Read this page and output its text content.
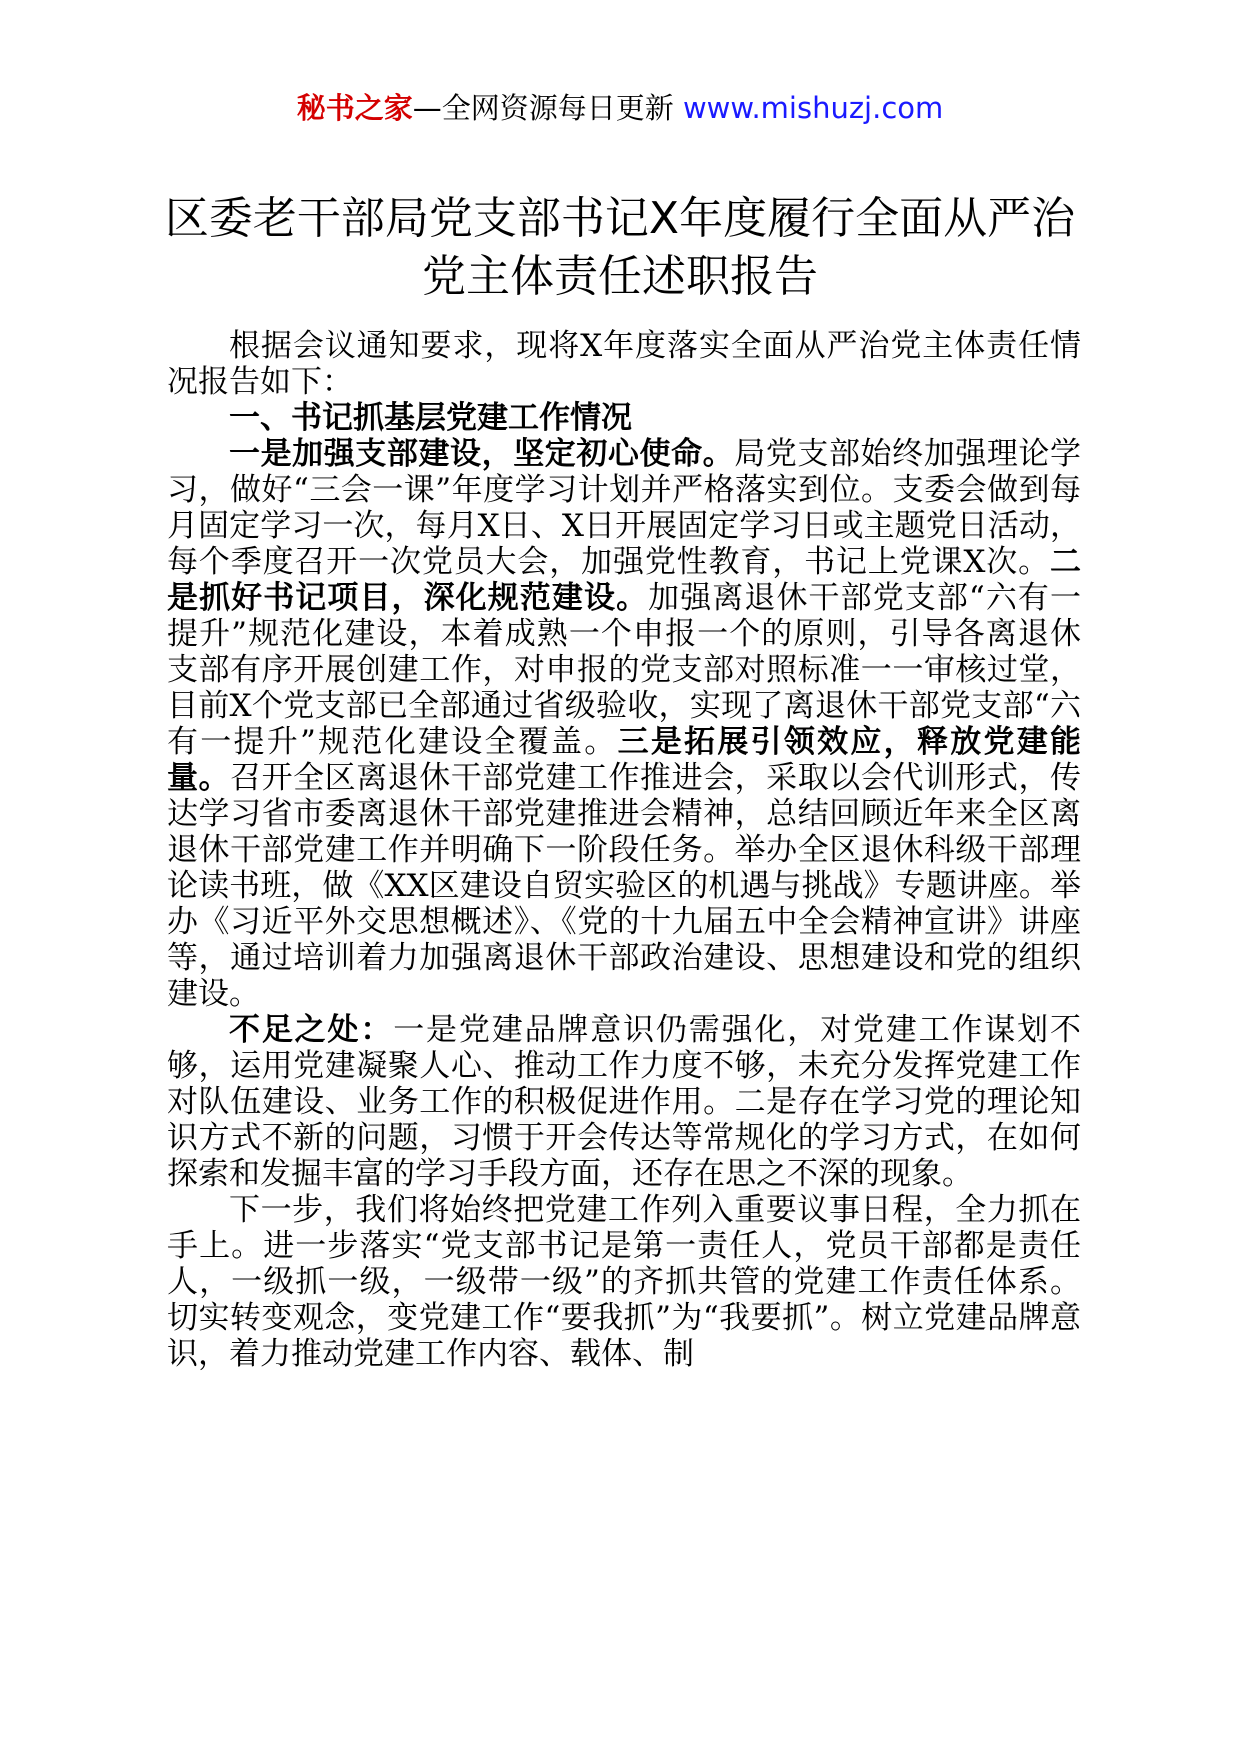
秘书之家—全网资源每日更新 www.mishuzj.com
区委老干部局党支部书记X年度履行全面从严治党主体责任述职报告

根据会议通知要求，现将X年度落实全面从严治党主体责任情况报告如下：

一、书记抓基层党建工作情况

一是加强支部建设，坚定初心使命。局党支部始终加强理论学习，做好“三会一课”年度学习计划并严格落实到位。支委会做到每月固定学习一次，每月X日、X日开展固定学习日或主题党日活动，每个季度召开一次党员大会，加强党性教育，书记上党课X次。二是抓好书记项目，深化规范建设。加强离退休干部党支部“六有一提升”规范化建设，本着成熟一个申报一个的原则，引导各离退休支部有序开展创建工作，对申报的党支部对照标准一一审核过堂，目前X个党支部已全部通过省级验收，实现了离退休干部党支部“六有一提升”规范化建设全覆盖。三是拓展引领效应，释放党建能量。召开全区离退休干部党建工作推进会，采取以会代训形式，传达学习省市委离退休干部党建推进会精神，总结回顾近年来全区离退休干部党建工作并明确下一阶段任务。举办全区退休科级干部理论读书班，做《XX区建设自贸实验区的机遇与挑战》专题讲座。举办《习近平外交思想概述》、《党的十九届五中全会精神宣讲》讲座等，通过培训着力加强离退休干部政治建设、思想建设和党的组织建设。

不足之处：一是党建品牌意识仍需强化，对党建工作谋划不够，运用党建凝聚人心、推动工作力度不够，未充分发挥党建工作对队伍建设、业务工作的积极促进作用。二是存在学习党的理论知识方式不新的问题，习惯于开会传达等常规化的学习方式，在如何探索和发掘丰富的学习手段方面，还存在思之不深的现象。

下一步，我们将始终把党建工作列入重要议事日程，全力抓在手上。进一步落实“党支部书记是第一责任人，党员干部都是责任人，一级抓一级，一级带一级”的齐抓共管的党建工作责任体系。切实转变观念，变党建工作“要我抓”为“我要抓”。树立党建品牌意识，着力推动党建工作内容、载体、制
